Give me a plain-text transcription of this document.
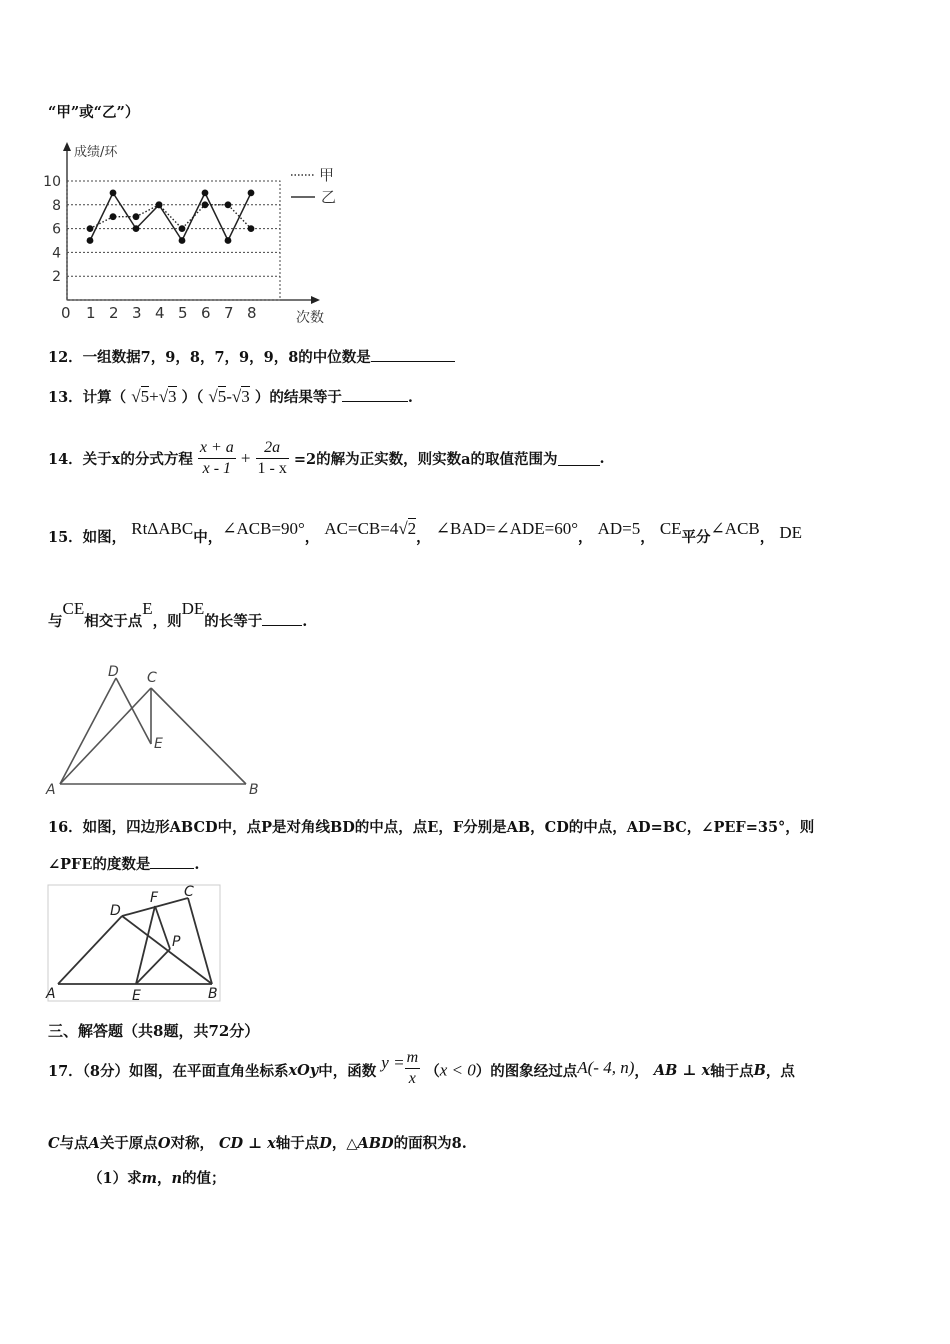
“甲”或“乙”）
成绩/环
次数
2
4
6
8
10
0 1 2 3 4 5 6 7 8
甲
乙
12．一组数据7，9，8，7，9，9，8的中位数是
13．计算（ √5+√3 ）（ √5-√3 ）的结果等于	.
14．关于x的分式方程 $\frac{x + a}{x - 1} + \frac{2a}{1 - x} =2$的解为正实数，则实数a的取值范围为	.
15．如图， RtΔABC中，∠ACB=90°， AC=CB=4√2， ∠BAD=∠ADE=60°， AD=5， CE平分∠ACB， DE
与CE相交于点E，则DE的长等于	.
D C
E
A	B
16．如图，四边形ABCD中，点P是对角线BD的中点，点E，F分别是AB，CD的中点，AD=BC，∠PEF=35°，则
∠PFE的度数是	.
D
F C
P
A	E	B
三、解答题（共8题，共72分）
17．（8分）如图，在平面直角坐标系xOy中，函数 $y = \frac{m}{x} (x < 0)$的图象经过点A(- 4, n)， AB ⊥ x轴于点B，点
C与点A关于原点O对称， CD ⊥ x轴于点D，△ABD的面积为8.
（1）求m，n的值；
